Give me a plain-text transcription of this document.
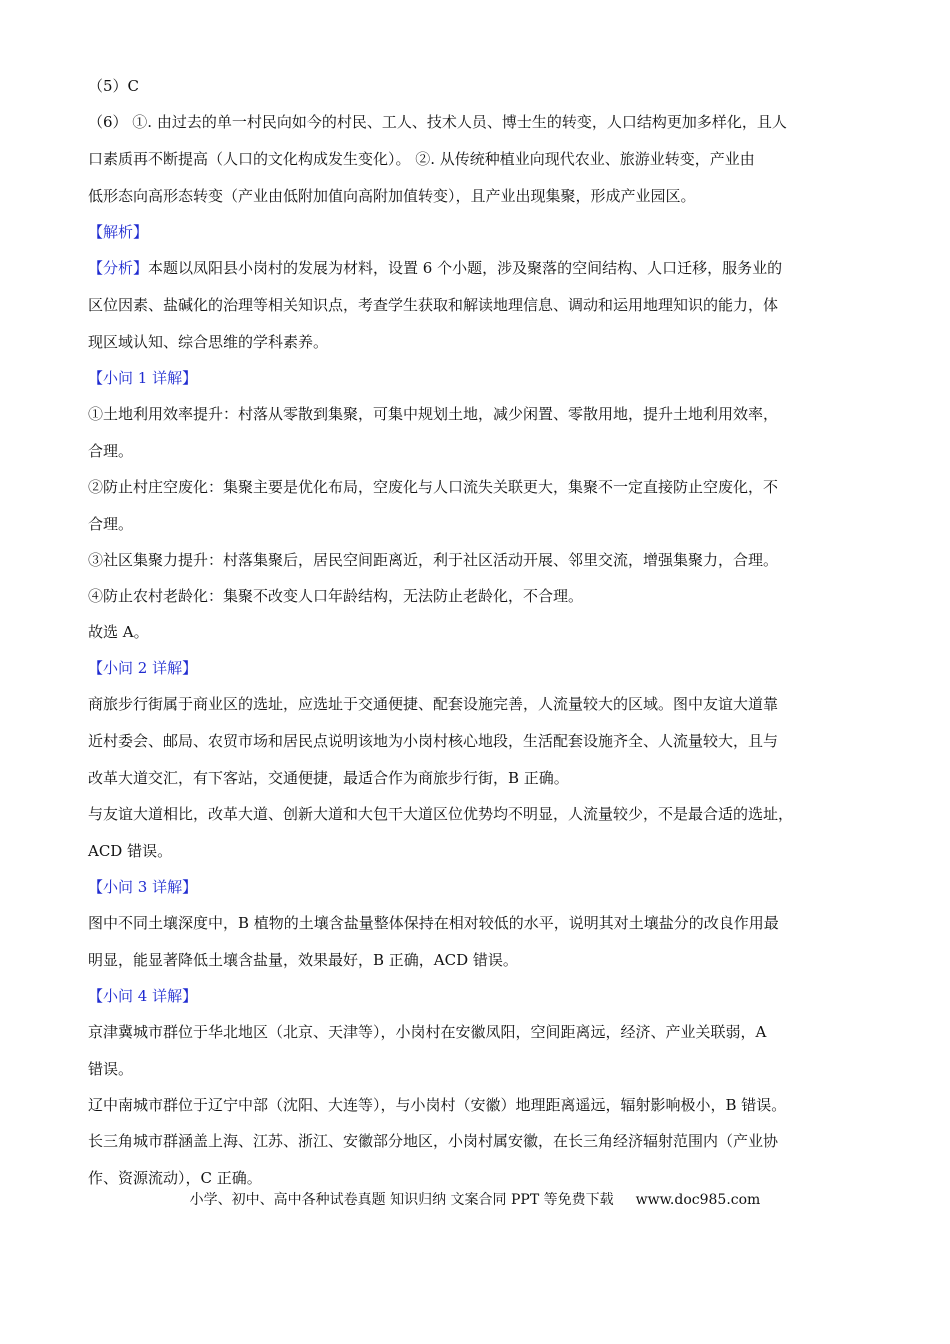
（5）C

（6） ①. 由过去的单一村民向如今的村民、工人、技术人员、博士生的转变，人口结构更加多样化，且人

口素质再不断提高（人口的文化构成发生变化）。 ②. 从传统种植业向现代农业、旅游业转变，产业由

低形态向高形态转变（产业由低附加值向高附加值转变），且产业出现集聚，形成产业园区。

【解析】

【分析】本题以凤阳县小岗村的发展为材料，设置 6 个小题，涉及聚落的空间结构、人口迁移，服务业的

区位因素、盐碱化的治理等相关知识点，考查学生获取和解读地理信息、调动和运用地理知识的能力，体

现区域认知、综合思维的学科素养。

【小问 1 详解】

①土地利用效率提升：村落从零散到集聚，可集中规划土地，减少闲置、零散用地，提升土地利用效率，

合理。

②防止村庄空废化：集聚主要是优化布局，空废化与人口流失关联更大，集聚不一定直接防止空废化，不

合理。

③社区集聚力提升：村落集聚后，居民空间距离近，利于社区活动开展、邻里交流，增强集聚力，合理。

④防止农村老龄化：集聚不改变人口年龄结构，无法防止老龄化，不合理。

故选 A。

【小问 2 详解】

商旅步行街属于商业区的选址，应选址于交通便捷、配套设施完善，人流量较大的区域。图中友谊大道靠

近村委会、邮局、农贸市场和居民点说明该地为小岗村核心地段，生活配套设施齐全、人流量较大，且与

改革大道交汇，有下客站，交通便捷，最适合作为商旅步行街，B 正确。

与友谊大道相比，改革大道、创新大道和大包干大道区位优势均不明显，人流量较少，不是最合适的选址，

ACD 错误。

【小问 3 详解】

图中不同土壤深度中，B 植物的土壤含盐量整体保持在相对较低的水平，说明其对土壤盐分的改良作用最

明显，能显著降低土壤含盐量，效果最好，B 正确，ACD 错误。

【小问 4 详解】

京津冀城市群位于华北地区（北京、天津等），小岗村在安徽凤阳，空间距离远，经济、产业关联弱，A

错误。

辽中南城市群位于辽宁中部（沈阳、大连等），与小岗村（安徽）地理距离遥远，辐射影响极小，B 错误。

长三角城市群涵盖上海、江苏、浙江、安徽部分地区，小岗村属安徽，在长三角经济辐射范围内（产业协

作、资源流动），C 正确。

小学、初中、高中各种试卷真题 知识归纳 文案合同 PPT 等免费下载 www.doc985.com
